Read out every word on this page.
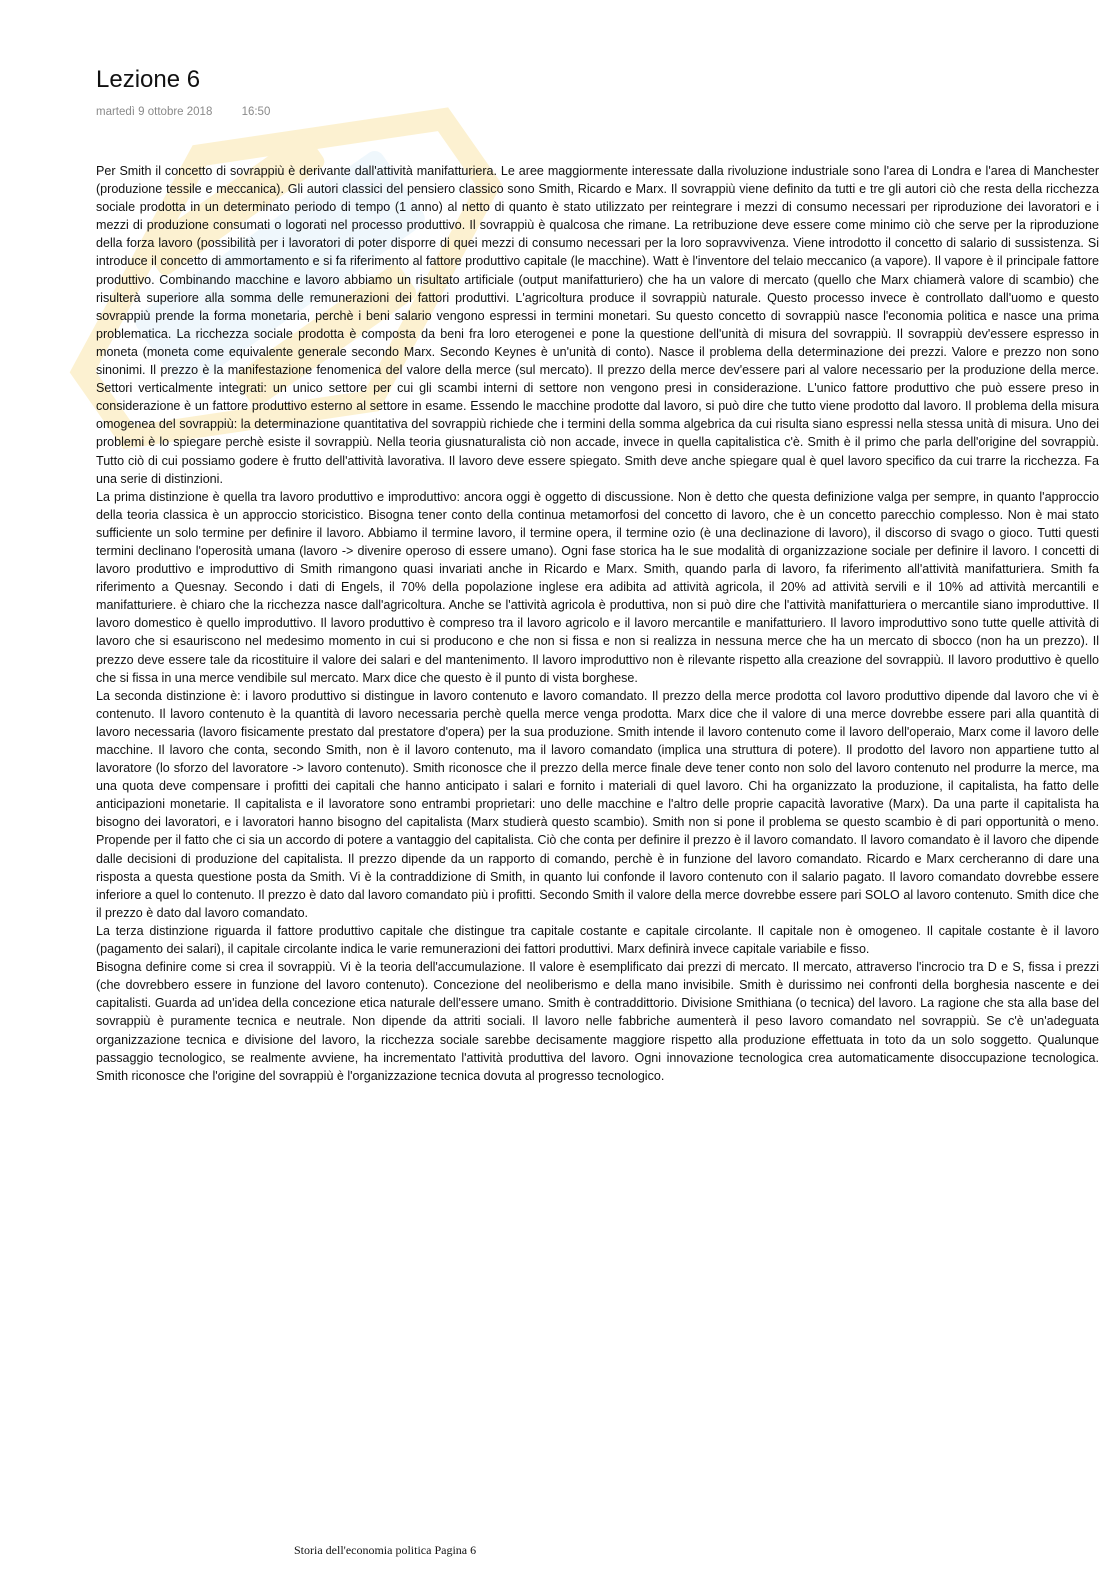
Lezione 6
martedì 9 ottobre 2018	16:50

Per Smith il concetto di sovrappiù è derivante dall'attività manifatturiera. Le aree maggiormente interessate dalla rivoluzione industriale sono l'area di Londra e l'area di Manchester (produzione tessile e meccanica). Gli autori classici del pensiero classico sono Smith, Ricardo e Marx. Il sovrappiù viene definito da tutti e tre gli autori ciò che resta della ricchezza sociale prodotta in un determinato periodo di tempo (1 anno) al netto di quanto è stato utilizzato per reintegrare i mezzi di consumo necessari per riproduzione dei lavoratori e i mezzi di produzione consumati o logorati nel processo produttivo. Il sovrappiù è qualcosa che rimane. La retribuzione deve essere come minimo ciò che serve per la riproduzione della forza lavoro (possibilità per i lavoratori di poter disporre di quei mezzi di consumo necessari per la loro sopravvivenza. Viene introdotto il concetto di salario di sussistenza. Si introduce il concetto di ammortamento e si fa riferimento al fattore produttivo capitale (le macchine). Watt è l'inventore del telaio meccanico (a vapore). Il vapore è il principale fattore produttivo. Combinando macchine e lavoro abbiamo un risultato artificiale (output manifatturiero) che ha un valore di mercato (quello che Marx chiamerà valore di scambio) che risulterà superiore alla somma delle remunerazioni dei fattori produttivi. L'agricoltura produce il sovrappiù naturale. Questo processo invece è controllato dall'uomo e questo sovrappiù prende la forma monetaria, perchè i beni salario vengono espressi in termini monetari. Su questo concetto di sovrappiù nasce l'economia politica e nasce una prima problematica. La ricchezza sociale prodotta è composta da beni fra loro eterogenei e pone la questione dell'unità di misura del sovrappiù. Il sovrappiù dev'essere espresso in moneta (moneta come equivalente generale secondo Marx. Secondo Keynes è un'unità di conto). Nasce il problema della determinazione dei prezzi. Valore e prezzo non sono sinonimi. Il prezzo è la manifestazione fenomenica del valore della merce (sul mercato). Il prezzo della merce dev'essere pari al valore necessario per la produzione della merce. Settori verticalmente integrati: un unico settore per cui gli scambi interni di settore non vengono presi in considerazione. L'unico fattore produttivo che può essere preso in considerazione è un fattore produttivo esterno al settore in esame. Essendo le macchine prodotte dal lavoro, si può dire che tutto viene prodotto dal lavoro. Il problema della misura omogenea del sovrappiù: la determinazione quantitativa del sovrappiù richiede che i termini della somma algebrica da cui risulta siano espressi nella stessa unità di misura. Uno dei problemi è lo spiegare perchè esiste il sovrappiù. Nella teoria giusnaturalista ciò non accade, invece in quella capitalistica c'è. Smith è il primo che parla dell'origine del sovrappiù. Tutto ciò di cui possiamo godere è frutto dell'attività lavorativa. Il lavoro deve essere spiegato. Smith deve anche spiegare qual è quel lavoro specifico da cui trarre la ricchezza. Fa una serie di distinzioni.

La prima distinzione è quella tra lavoro produttivo e improduttivo: ancora oggi è oggetto di discussione. Non è detto che questa definizione valga per sempre, in quanto l'approccio della teoria classica è un approccio storicistico. Bisogna tener conto della continua metamorfosi del concetto di lavoro, che è un concetto parecchio complesso. Non è mai stato sufficiente un solo termine per definire il lavoro. Abbiamo il termine lavoro, il termine opera, il termine ozio (è una declinazione di lavoro), il discorso di svago o gioco. Tutti questi termini declinano l'operosità umana (lavoro -> divenire operoso di essere umano). Ogni fase storica ha le sue modalità di organizzazione sociale per definire il lavoro. I concetti di lavoro produttivo e improduttivo di Smith rimangono quasi invariati anche in Ricardo e Marx. Smith, quando parla di lavoro, fa riferimento all'attività manifatturiera. Smith fa riferimento a Quesnay. Secondo i dati di Engels, il 70% della popolazione inglese era adibita ad attività agricola, il 20% ad attività servili e il 10% ad attività mercantili e manifatturiere. è chiaro che la ricchezza nasce dall'agricoltura. Anche se l'attività agricola è produttiva, non si può dire che l'attività manifatturiera o mercantile siano improduttive. Il lavoro domestico è quello improduttivo. Il lavoro produttivo è compreso tra il lavoro agricolo e il lavoro mercantile e manifatturiero. Il lavoro improduttivo sono tutte quelle attività di lavoro che si esauriscono nel medesimo momento in cui si producono e che non si fissa e non si realizza in nessuna merce che ha un mercato di sbocco (non ha un prezzo). Il prezzo deve essere tale da ricostituire il valore dei salari e del mantenimento. Il lavoro improduttivo non è rilevante rispetto alla creazione del sovrappiù. Il lavoro produttivo è quello che si fissa in una merce vendibile sul mercato. Marx dice che questo è il punto di vista borghese.

La seconda distinzione è: i lavoro produttivo si distingue in lavoro contenuto e lavoro comandato. Il prezzo della merce prodotta col lavoro produttivo dipende dal lavoro che vi è contenuto. Il lavoro contenuto è la quantità di lavoro necessaria perchè quella merce venga prodotta. Marx dice che il valore di una merce dovrebbe essere pari alla quantità di lavoro necessaria (lavoro fisicamente prestato dal prestatore d'opera) per la sua produzione. Smith intende il lavoro contenuto come il lavoro dell'operaio, Marx come il lavoro delle macchine. Il lavoro che conta, secondo Smith, non è il lavoro contenuto, ma il lavoro comandato (implica una struttura di potere). Il prodotto del lavoro non appartiene tutto al lavoratore (lo sforzo del lavoratore -> lavoro contenuto). Smith riconosce che il prezzo della merce finale deve tener conto non solo del lavoro contenuto nel produrre la merce, ma una quota deve compensare i profitti dei capitali che hanno anticipato i salari e fornito i materiali di quel lavoro. Chi ha organizzato la produzione, il capitalista, ha fatto delle anticipazioni monetarie. Il capitalista e il lavoratore sono entrambi proprietari: uno delle macchine e l'altro delle proprie capacità lavorative (Marx). Da una parte il capitalista ha bisogno dei lavoratori, e i lavoratori hanno bisogno del capitalista (Marx studierà questo scambio). Smith non si pone il problema se questo scambio è di pari opportunità o meno. Propende per il fatto che ci sia un accordo di potere a vantaggio del capitalista. Ciò che conta per definire il prezzo è il lavoro comandato. Il lavoro comandato è il lavoro che dipende dalle decisioni di produzione del capitalista. Il prezzo dipende da un rapporto di comando, perchè è in funzione del lavoro comandato. Ricardo e Marx cercheranno di dare una risposta a questa questione posta da Smith. Vi è la contraddizione di Smith, in quanto lui confonde il lavoro contenuto con il salario pagato. Il lavoro comandato dovrebbe essere inferiore a quel lo contenuto. Il prezzo è dato dal lavoro comandato più i profitti. Secondo Smith il valore della merce dovrebbe essere pari SOLO al lavoro contenuto. Smith dice che il prezzo è dato dal lavoro comandato.

La terza distinzione riguarda il fattore produttivo capitale che distingue tra capitale costante e capitale circolante. Il capitale non è omogeneo. Il capitale costante è il lavoro (pagamento dei salari), il capitale circolante indica le varie remunerazioni dei fattori produttivi. Marx definirà invece capitale variabile e fisso.

Bisogna definire come si crea il sovrappiù. Vi è la teoria dell'accumulazione. Il valore è esemplificato dai prezzi di mercato. Il mercato, attraverso l'incrocio tra D e S, fissa i prezzi (che dovrebbero essere in funzione del lavoro contenuto). Concezione del neoliberismo e della mano invisibile. Smith è durissimo nei confronti della borghesia nascente e dei capitalisti. Guarda ad un'idea della concezione etica naturale dell'essere umano. Smith è contraddittorio. Divisione Smithiana (o tecnica) del lavoro. La ragione che sta alla base del sovrappiù è puramente tecnica e neutrale. Non dipende da attriti sociali. Il lavoro nelle fabbriche aumenterà il peso lavoro comandato nel sovrappiù. Se c'è un'adeguata organizzazione tecnica e divisione del lavoro, la ricchezza sociale sarebbe decisamente maggiore rispetto alla produzione effettuata in toto da un solo soggetto. Qualunque passaggio tecnologico, se realmente avviene, ha incrementato l'attività produttiva del lavoro. Ogni innovazione tecnologica crea automaticamente disoccupazione tecnologica. Smith riconosce che l'origine del sovrappiù è l'organizzazione tecnica dovuta al progresso tecnologico.

Storia dell'economia politica Pagina 6
